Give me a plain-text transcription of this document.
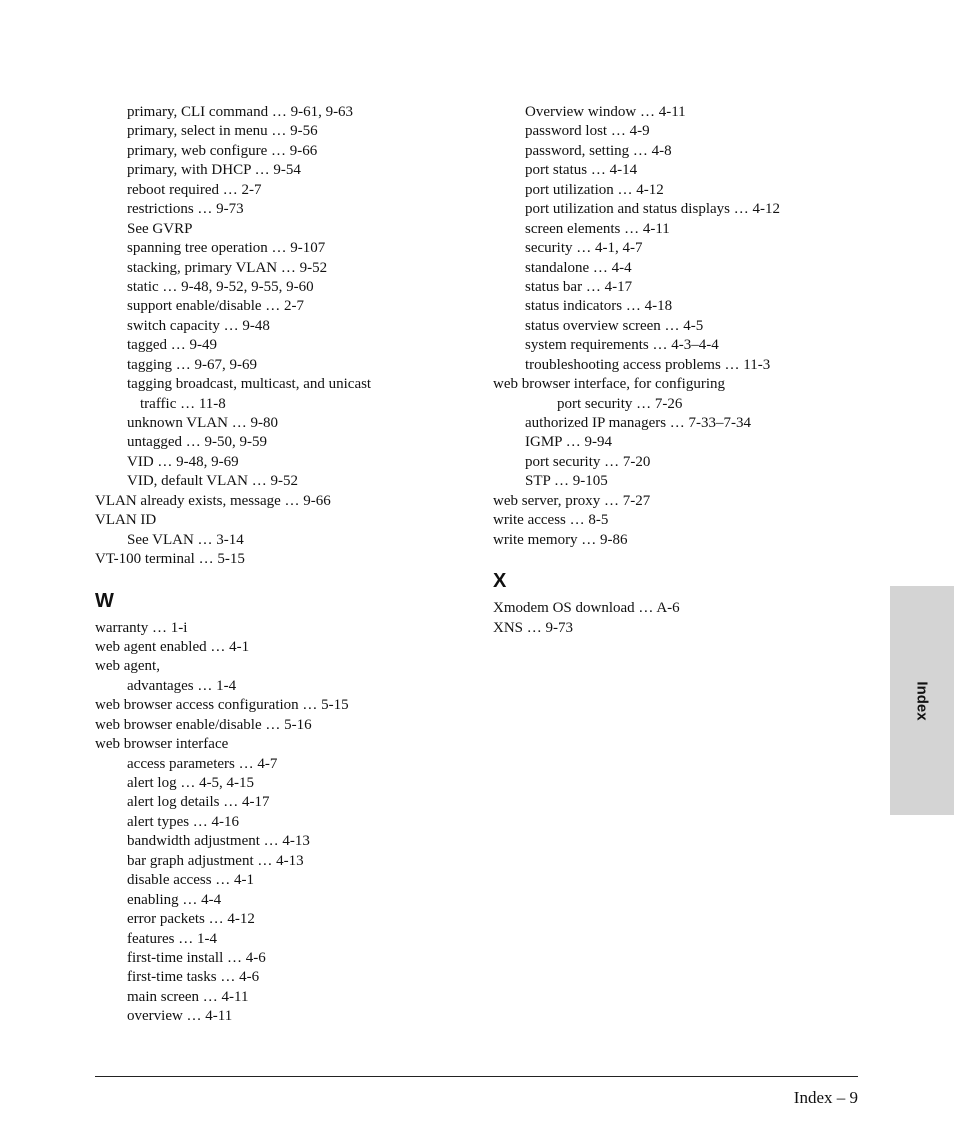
primary, CLI command … 9-61, 9-63
primary, select in menu … 9-56
primary, web configure … 9-66
primary, with DHCP … 9-54
reboot required … 2-7
restrictions … 9-73
See GVRP
spanning tree operation … 9-107
stacking, primary VLAN … 9-52
static … 9-48, 9-52, 9-55, 9-60
support enable/disable … 2-7
switch capacity … 9-48
tagged … 9-49
tagging … 9-67, 9-69
tagging broadcast, multicast, and unicast
traffic … 11-8
unknown VLAN … 9-80
untagged … 9-50, 9-59
VID … 9-48, 9-69
VID, default VLAN … 9-52
VLAN already exists, message … 9-66
VLAN ID
See VLAN … 3-14
VT-100 terminal … 5-15
W
warranty … 1-i
web agent enabled … 4-1
web agent,
advantages … 1-4
web browser access configuration … 5-15
web browser enable/disable … 5-16
web browser interface
access parameters … 4-7
alert log … 4-5, 4-15
alert log details … 4-17
alert types … 4-16
bandwidth adjustment … 4-13
bar graph adjustment … 4-13
disable access … 4-1
enabling … 4-4
error packets … 4-12
features … 1-4
first-time install … 4-6
first-time tasks … 4-6
main screen … 4-11
overview … 4-11
Overview window … 4-11
password lost … 4-9
password, setting … 4-8
port status … 4-14
port utilization … 4-12
port utilization and status displays … 4-12
screen elements … 4-11
security … 4-1, 4-7
standalone … 4-4
status bar … 4-17
status indicators … 4-18
status overview screen … 4-5
system requirements … 4-3–4-4
troubleshooting access problems … 11-3
web browser interface, for configuring
port security … 7-26
authorized IP managers … 7-33–7-34
IGMP … 9-94
port security … 7-20
STP … 9-105
web server, proxy … 7-27
write access … 8-5
write memory … 9-86
X
Xmodem OS download … A-6
XNS … 9-73
Index
Index – 9
